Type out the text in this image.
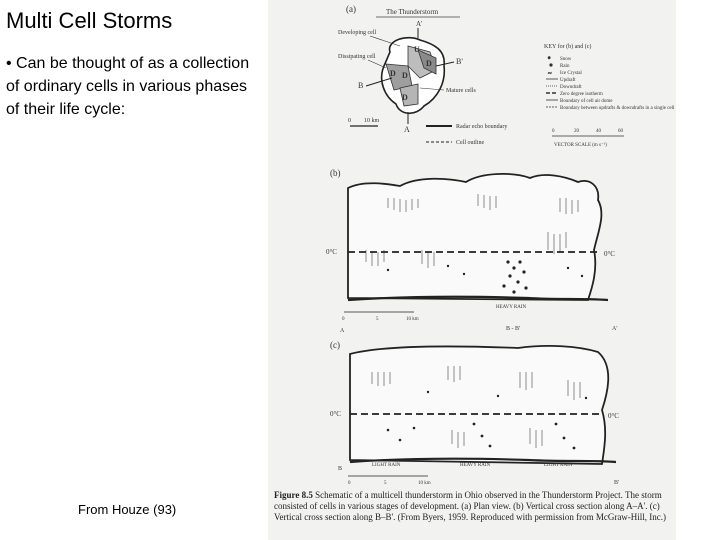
Multi Cell Storms
• Can be thought of as a collection of ordinary cells in various phases of their life cycle:
From Houze (93)
(a)	The Thunderstorm
A'
U
D
D
D
D
Developing cell
Dissipating cell
B
B'
Mature cells
A
0 10 km
Radar echo boundary
Cell outline
KEY for (b) and (c)
Snow
Rain
Ice Crystal
Updraft
Downdraft
Zero degree isotherm
Boundary of cell air dome
Boundary between updrafts & downdrafts in a single cell
*
~
0	20	40	60
VECTOR SCALE (m s⁻¹)
(b)
0°C	0°C
HEAVY RAIN
0	5	10 km
A	B - B'	A'
(c)
0°C	0°C
LIGHT RAIN	HEAVY RAIN	LIGHT RAIN
B
0	5	10 km	B'
Figure 8.5 Schematic of a multicell thunderstorm in Ohio observed in the Thunderstorm Project. The storm consisted of cells in various stages of development. (a) Plan view. (b) Vertical cross section along A–A'. (c) Vertical cross section along B–B'. (From Byers, 1959. Reproduced with permission from McGraw-Hill, Inc.)
